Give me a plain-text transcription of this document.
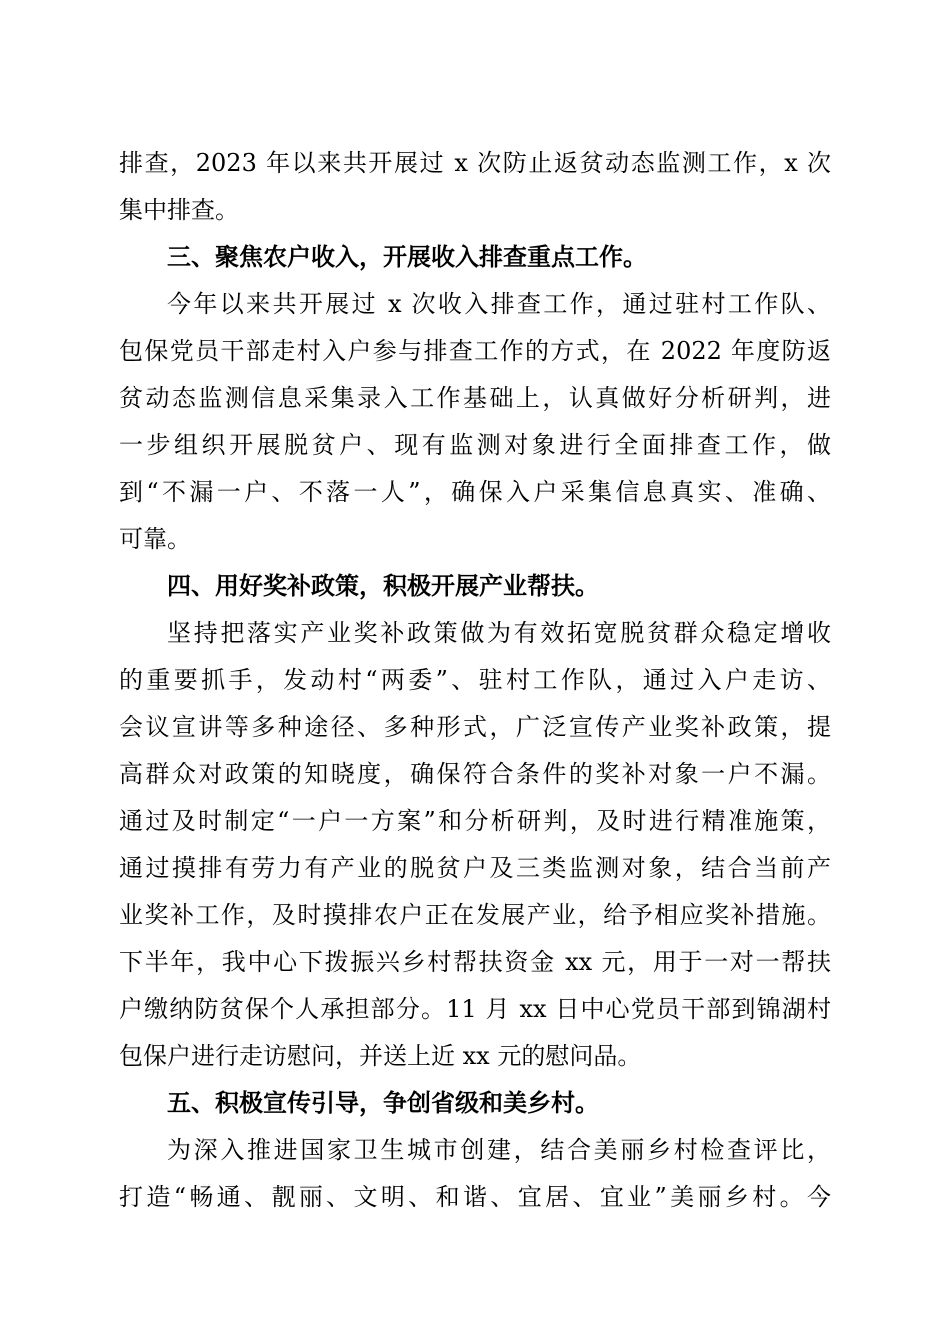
排查，2023 年以来共开展过 x 次防止返贫动态监测工作，x 次
集中排查。
三、聚焦农户收入，开展收入排查重点工作。
今年以来共开展过 x 次收入排查工作，通过驻村工作队、
包保党员干部走村入户参与排查工作的方式，在 2022 年度防返
贫动态监测信息采集录入工作基础上，认真做好分析研判，进
一步组织开展脱贫户、现有监测对象进行全面排查工作，做
到“不漏一户、不落一人”，确保入户采集信息真实、准确、
可靠。
四、用好奖补政策，积极开展产业帮扶。
坚持把落实产业奖补政策做为有效拓宽脱贫群众稳定增收
的重要抓手，发动村“两委”、驻村工作队，通过入户走访、
会议宣讲等多种途径、多种形式，广泛宣传产业奖补政策，提
高群众对政策的知晓度，确保符合条件的奖补对象一户不漏。
通过及时制定“一户一方案”和分析研判，及时进行精准施策，
通过摸排有劳力有产业的脱贫户及三类监测对象，结合当前产
业奖补工作，及时摸排农户正在发展产业，给予相应奖补措施。
下半年，我中心下拨振兴乡村帮扶资金 xx 元，用于一对一帮扶
户缴纳防贫保个人承担部分。11 月 xx 日中心党员干部到锦湖村
包保户进行走访慰问，并送上近 xx 元的慰问品。
五、积极宣传引导，争创省级和美乡村。
为深入推进国家卫生城市创建，结合美丽乡村检查评比，
打造“畅通、靓丽、文明、和谐、宜居、宜业”美丽乡村。今
